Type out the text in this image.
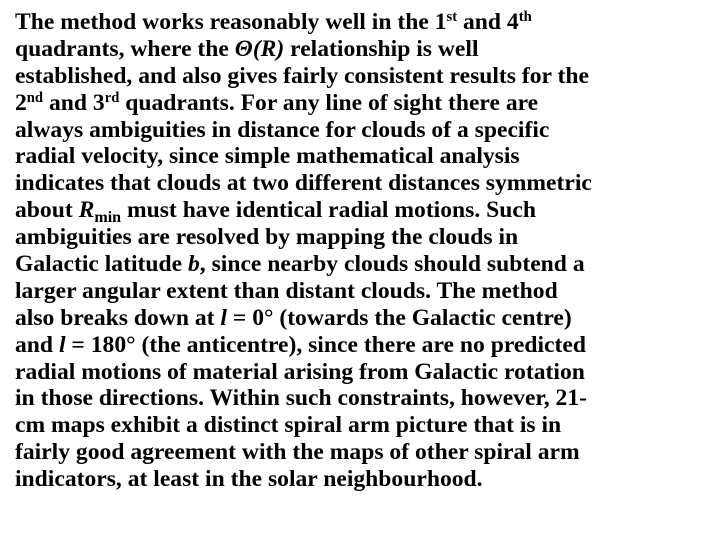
The method works reasonably well in the 1st and 4th
quadrants, where the Θ(R) relationship is well
established, and also gives fairly consistent results for the
2nd and 3rd quadrants. For any line of sight there are
always ambiguities in distance for clouds of a specific
radial velocity, since simple mathematical analysis
indicates that clouds at two different distances symmetric
about $R_{min}$ must have identical radial motions. Such
ambiguities are resolved by mapping the clouds in
Galactic latitude b, since nearby clouds should subtend a
larger angular extent than distant clouds. The method
also breaks down at l = 0° (towards the Galactic centre)
and l = 180° (the anticentre), since there are no predicted
radial motions of material arising from Galactic rotation
in those directions. Within such constraints, however, 21-
cm maps exhibit a distinct spiral arm picture that is in
fairly good agreement with the maps of other spiral arm
indicators, at least in the solar neighbourhood.
